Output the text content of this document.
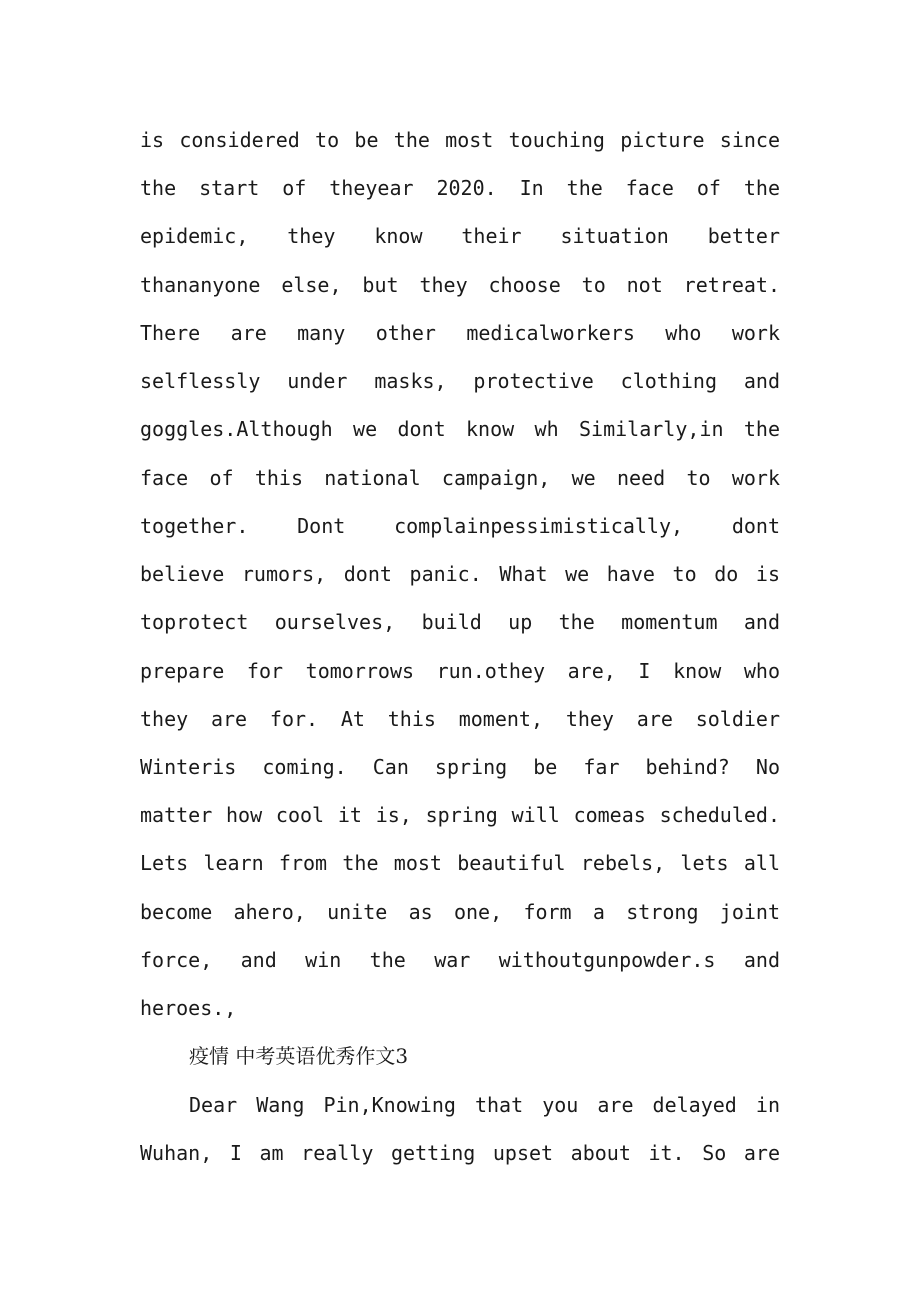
is considered to be the most touching picture since
the start of theyear 2020. In the face of the
epidemic, they know their situation better
thananyone else, but they choose to not retreat.
There are many other medicalworkers who work
selflessly under masks, protective clothing and
goggles.Although we dont know wh Similarly,in the
face of this national campaign, we need to work
together. Dont complainpessimistically, dont
believe rumors, dont panic. What we have to do is
toprotect ourselves, build up the momentum and
prepare for tomorrows run.othey are, I know who
they are for. At this moment, they are soldier
Winteris coming. Can spring be far behind? No
matter how cool it is, spring will comeas scheduled.
Lets learn from the most beautiful rebels, lets all
become ahero, unite as one, form a strong joint
force, and win the war withoutgunpowder.s and
heroes.,
疫情 中考英语优秀作文3
Dear Wang Pin,Knowing that you are delayed in
Wuhan, I am really getting upset about it. So are
